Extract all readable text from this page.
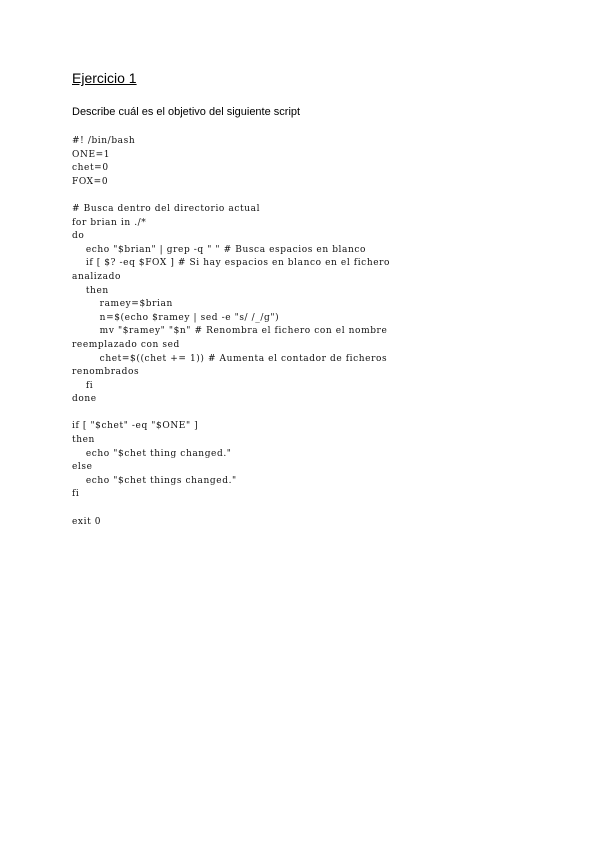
Ejercicio 1

Describe cuál es el objetivo del siguiente script

#! /bin/bash
ONE=1
chet=0
FOX=0
# Busca dentro del directorio actual
for brian in ./*
do
echo "$brian" | grep -q " " # Busca espacios en blanco
if [ $? -eq $FOX ] # Si hay espacios en blanco en el fichero
analizado
then
ramey=$brian
n=$(echo $ramey | sed -e "s/ /_/g")
mv "$ramey" "$n" # Renombra el fichero con el nombre
reemplazado con sed
chet=$((chet += 1)) # Aumenta el contador de ficheros
renombrados
fi
done
if [ "$chet" -eq "$ONE" ]
then
echo "$chet thing changed."
else
echo "$chet things changed."
fi
exit 0
